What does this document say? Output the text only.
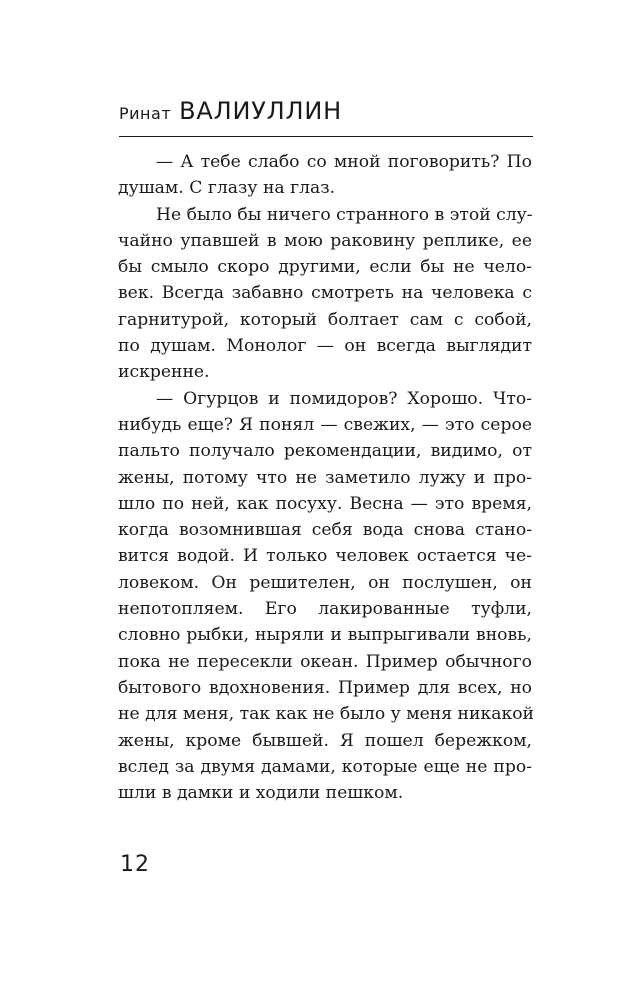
Ринат ВАЛИУЛЛИН
— А тебе слабо со мной поговорить? По
душам. С глазу на глаз.
Не было бы ничего странного в этой слу-
чайно упавшей в мою раковину реплике, ее
бы смыло скоро другими, если бы не чело-
век. Всегда забавно смотреть на человека с
гарнитурой, который болтает сам с собой,
по душам. Монолог — он всегда выглядит
искренне.
— Огурцов и помидоров? Хорошо. Что-
нибудь еще? Я понял — свежих, — это серое
пальто получало рекомендации, видимо, от
жены, потому что не заметило лужу и про-
шло по ней, как посуху. Весна — это время,
когда возомнившая себя вода снова стано-
вится водой. И только человек остается че-
ловеком. Он решителен, он послушен, он
непотопляем. Его лакированные туфли,
словно рыбки, ныряли и выпрыгивали вновь,
пока не пересекли океан. Пример обычного
бытового вдохновения. Пример для всех, но
не для меня, так как не было у меня никакой
жены, кроме бывшей. Я пошел бережком,
вслед за двумя дамами, которые еще не про-
шли в дамки и ходили пешком.
12
